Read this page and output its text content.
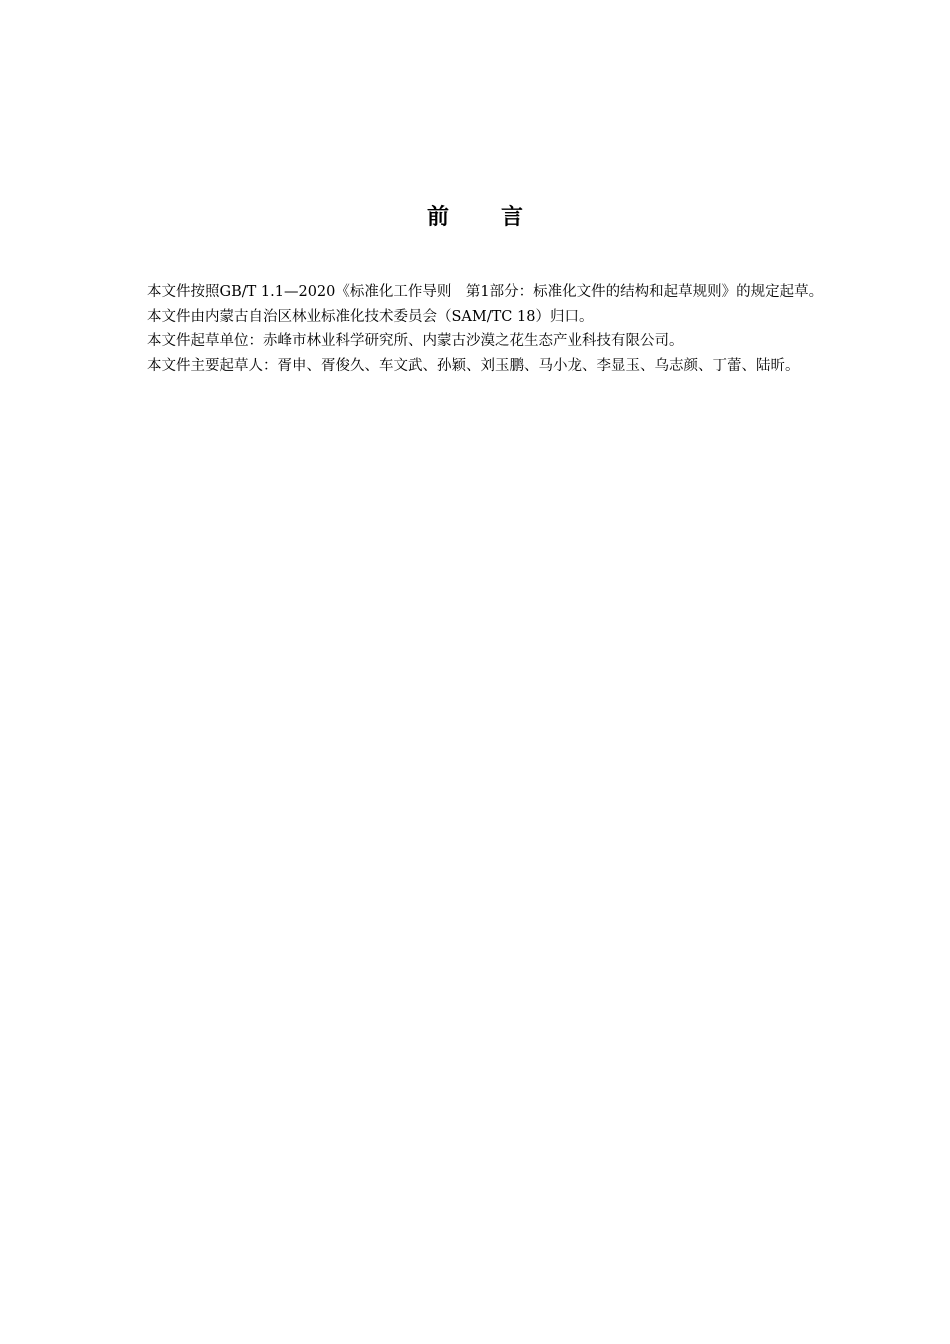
前 言

本文件按照GB/T 1.1—2020《标准化工作导则　第1部分：标准化文件的结构和起草规则》的规定起草。

本文件由内蒙古自治区林业标准化技术委员会（SAM/TC 18）归口。

本文件起草单位：赤峰市林业科学研究所、内蒙古沙漠之花生态产业科技有限公司。

本文件主要起草人：胥申、胥俊久、车文武、孙颖、刘玉鹏、马小龙、李显玉、乌志颜、丁蕾、陆昕。
